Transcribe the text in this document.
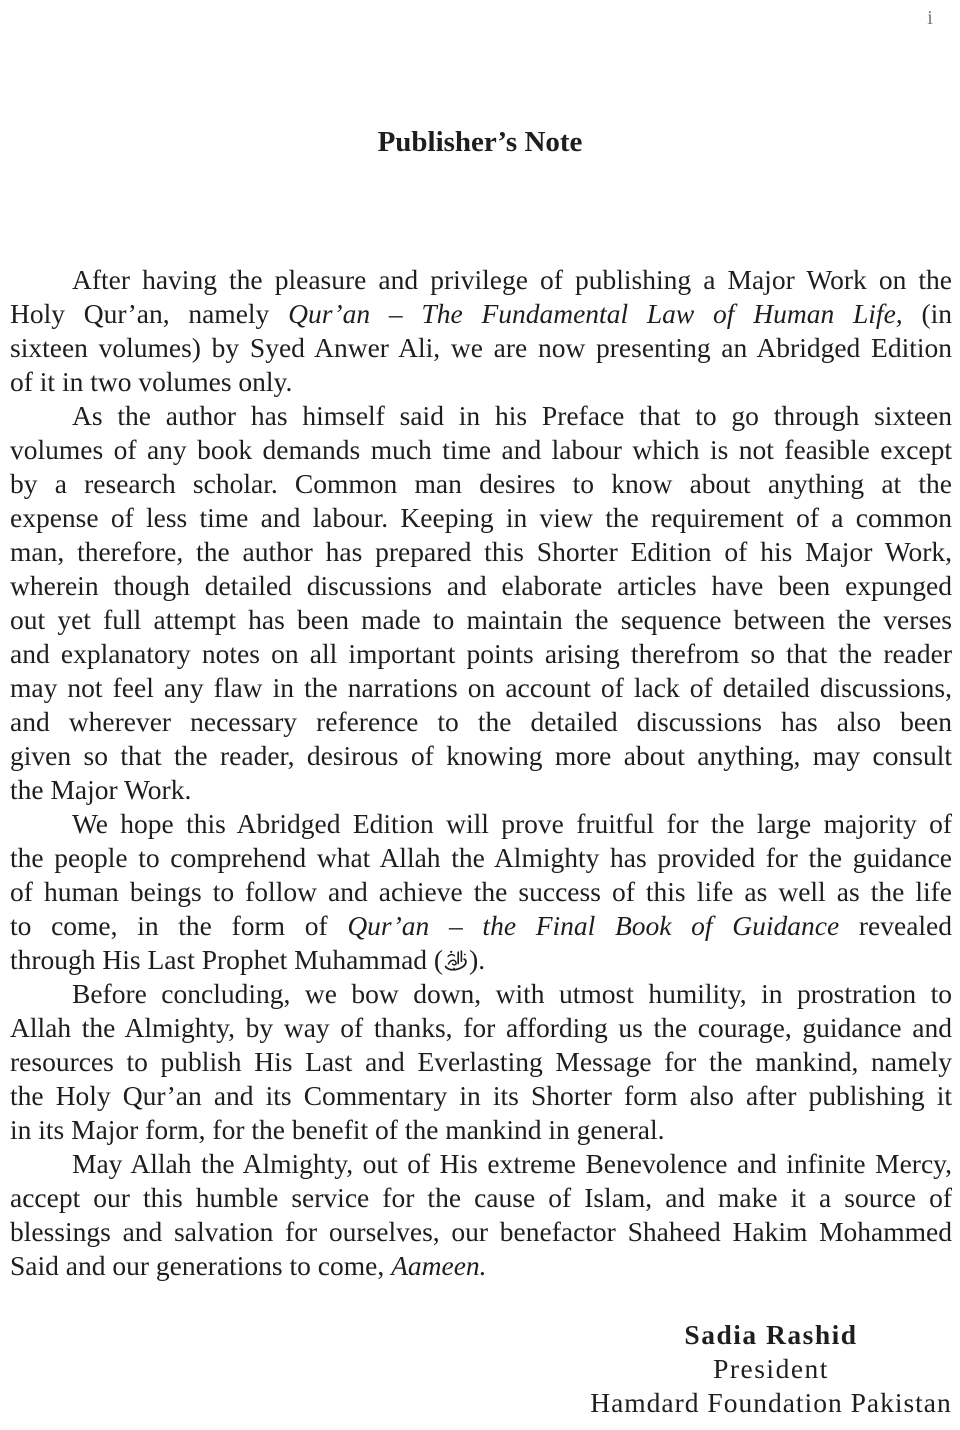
i
Publisher’s Note
After having the pleasure and privilege of publishing a Major Work on the
Holy Qur’an, namely Qur’an – The Fundamental Law of Human Life, (in
sixteen volumes) by Syed Anwer Ali, we are now presenting an Abridged Edition
of it in two volumes only.
As the author has himself said in his Preface that to go through sixteen
volumes of any book demands much time and labour which is not feasible except
by a research scholar. Common man desires to know about anything at the
expense of less time and labour. Keeping in view the requirement of a common
man, therefore, the author has prepared this Shorter Edition of his Major Work,
wherein though detailed discussions and elaborate articles have been expunged
out yet full attempt has been made to maintain the sequence between the verses
and explanatory notes on all important points arising therefrom so that the reader
may not feel any flaw in the narrations on account of lack of detailed discussions,
and wherever necessary reference to the detailed discussions has also been
given so that the reader, desirous of knowing more about anything, may consult
the Major Work.
We hope this Abridged Edition will prove fruitful for the large majority of
the people to comprehend what Allah the Almighty has provided for the guidance
of human beings to follow and achieve the success of this life as well as the life
to come, in the form of Qur’an – the Final Book of Guidance revealed
through His Last Prophet Muhammad ( ).
Before concluding, we bow down, with utmost humility, in prostration to
Allah the Almighty, by way of thanks, for affording us the courage, guidance and
resources to publish His Last and Everlasting Message for the mankind, namely
the Holy Qur’an and its Commentary in its Shorter form also after publishing it
in its Major form, for the benefit of the mankind in general.
May Allah the Almighty, out of His extreme Benevolence and infinite Mercy,
accept our this humble service for the cause of Islam, and make it a source of
blessings and salvation for ourselves, our benefactor Shaheed Hakim Mohammed
Said and our generations to come, Aameen.
Sadia Rashid
President
Hamdard Foundation Pakistan
